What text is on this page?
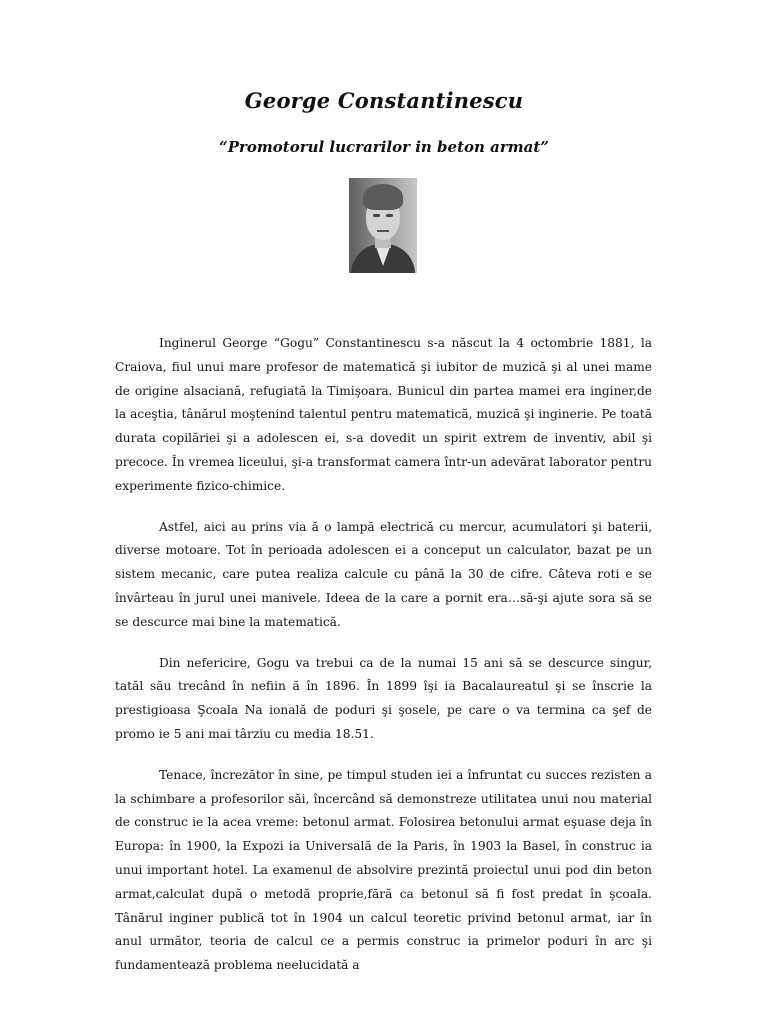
George Constantinescu
“Promotorul lucrarilor in beton armat”

Inginerul George “Gogu” Constantinescu s-a născut la 4 octombrie 1881, la Craiova, fiul unui mare profesor de matematică şi iubitor de muzică şi al unei mame de origine alsaciană, refugiată la Timişoara. Bunicul din partea mamei era inginer,de la aceştia, tânărul moştenind talentul pentru matematică, muzică şi inginerie. Pe toată durata copilăriei şi a adolescen ei, s-a dovedit un spirit extrem de inventiv, abil şi precoce. În vremea liceului, şi-a transformat camera într-un adevărat laborator pentru experimente fizico-chimice.

Astfel, aici au prins via ă o lampă electrică cu mercur, acumulatori şi baterii, diverse motoare. Tot în perioada adolescen ei a conceput un calculator, bazat pe un sistem mecanic, care putea realiza calcule cu până la 30 de cifre. Câteva roti e se învârteau în jurul unei manivele. Ideea de la care a pornit era…să-şi ajute sora să se se descurce mai bine la matematică.

Din nefericire, Gogu va trebui ca de la numai 15 ani să se descurce singur, tatăl său trecând în nefiin ă în 1896. În 1899 îşi ia Bacalaureatul şi se înscrie la prestigioasa Şcoala Na ională de poduri şi şosele, pe care o va termina ca şef de promo ie 5 ani mai târziu cu media 18.51.

Tenace, încrezător în sine, pe timpul studen iei a înfruntat cu succes rezisten a la schimbare a profesorilor săi, încercând să demonstreze utilitatea unui nou material de construc ie la acea vreme: betonul armat. Folosirea betonului armat eşuase deja în Europa: în 1900, la Expozi ia Universală de la Paris, în 1903 la Basel, în construc ia unui important hotel. La examenul de absolvire prezintă proiectul unui pod din beton armat,calculat după o metodă proprie,fără ca betonul să fi fost predat în şcoala. Tânărul inginer publică tot în 1904 un calcul teoretic privind betonul armat, iar în anul următor, teoria de calcul ce a permis construc ia primelor poduri în arc şi fundamentează problema neelucidată a
